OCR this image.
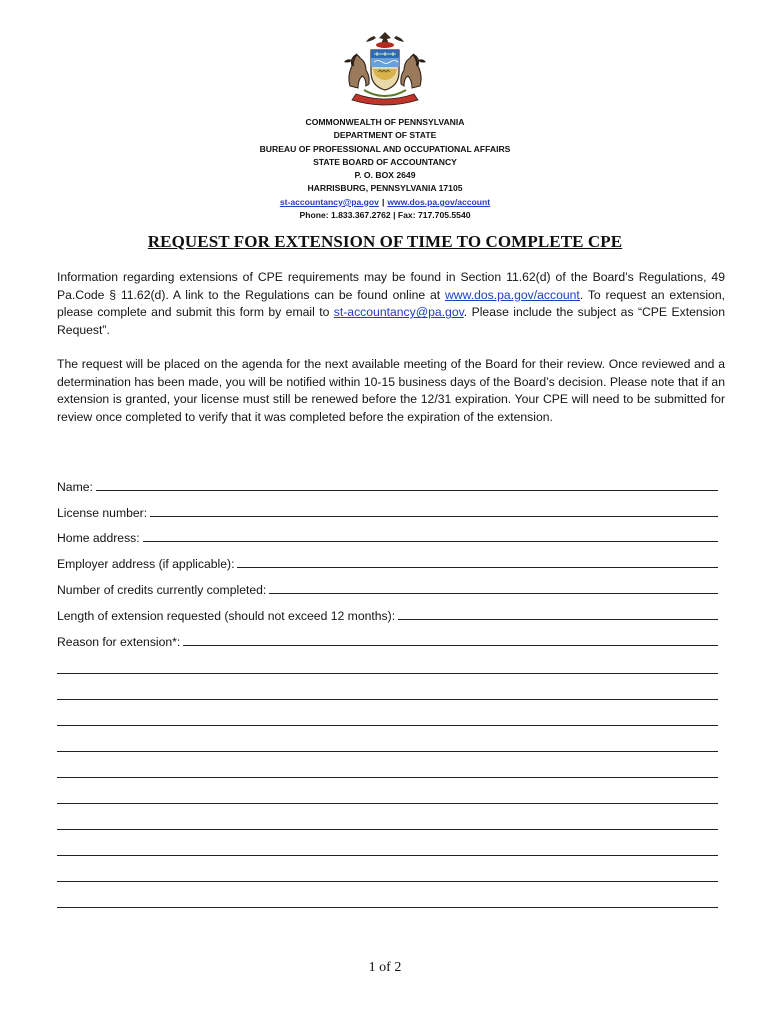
COMMONWEALTH OF PENNSYLVANIA
DEPARTMENT OF STATE
BUREAU OF PROFESSIONAL AND OCCUPATIONAL AFFAIRS
STATE BOARD OF ACCOUNTANCY
P. O. BOX 2649
HARRISBURG, PENNSYLVANIA 17105
st-accountancy@pa.gov | www.dos.pa.gov/account
Phone: 1.833.367.2762 | Fax: 717.705.5540
REQUEST FOR EXTENSION OF TIME TO COMPLETE CPE
Information regarding extensions of CPE requirements may be found in Section 11.62(d) of the Board’s Regulations, 49 Pa.Code § 11.62(d). A link to the Regulations can be found online at www.dos.pa.gov/account. To request an extension, please complete and submit this form by email to st-accountancy@pa.gov. Please include the subject as “CPE Extension Request”.
The request will be placed on the agenda for the next available meeting of the Board for their review. Once reviewed and a determination has been made, you will be notified within 10-15 business days of the Board’s decision. Please note that if an extension is granted, your license must still be renewed before the 12/31 expiration. Your CPE will need to be submitted for review once completed to verify that it was completed before the expiration of the extension.
Name:
License number:
Home address:
Employer address (if applicable):
Number of credits currently completed:
Length of extension requested (should not exceed 12 months):
Reason for extension*:
1 of 2
